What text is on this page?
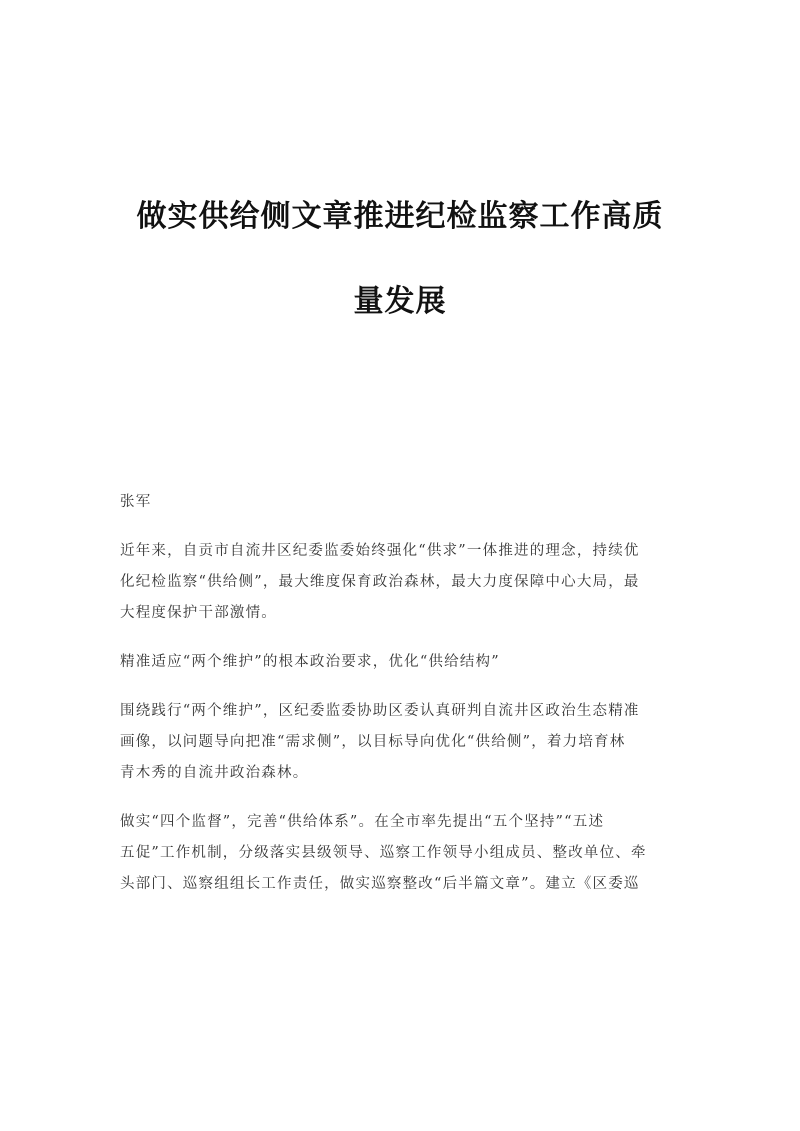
做实供给侧文章推进纪检监察工作高质
量发展

张军

近年来，自贡市自流井区纪委监委始终强化“供求”一体推进的理念，持续优
化纪检监察“供给侧”，最大维度保育政治森林，最大力度保障中心大局，最
大程度保护干部激情。

精准适应“两个维护”的根本政治要求，优化“供给结构”

围绕践行“两个维护”，区纪委监委协助区委认真研判自流井区政治生态精准
画像，以问题导向把准“需求侧”，以目标导向优化“供给侧”，着力培育林
青木秀的自流井政治森林。

做实“四个监督”，完善“供给体系”。在全市率先提出“五个坚持”“五述
五促”工作机制，分级落实县级领导、巡察工作领导小组成员、整改单位、牵
头部门、巡察组组长工作责任，做实巡察整改“后半篇文章”。建立《区委巡
